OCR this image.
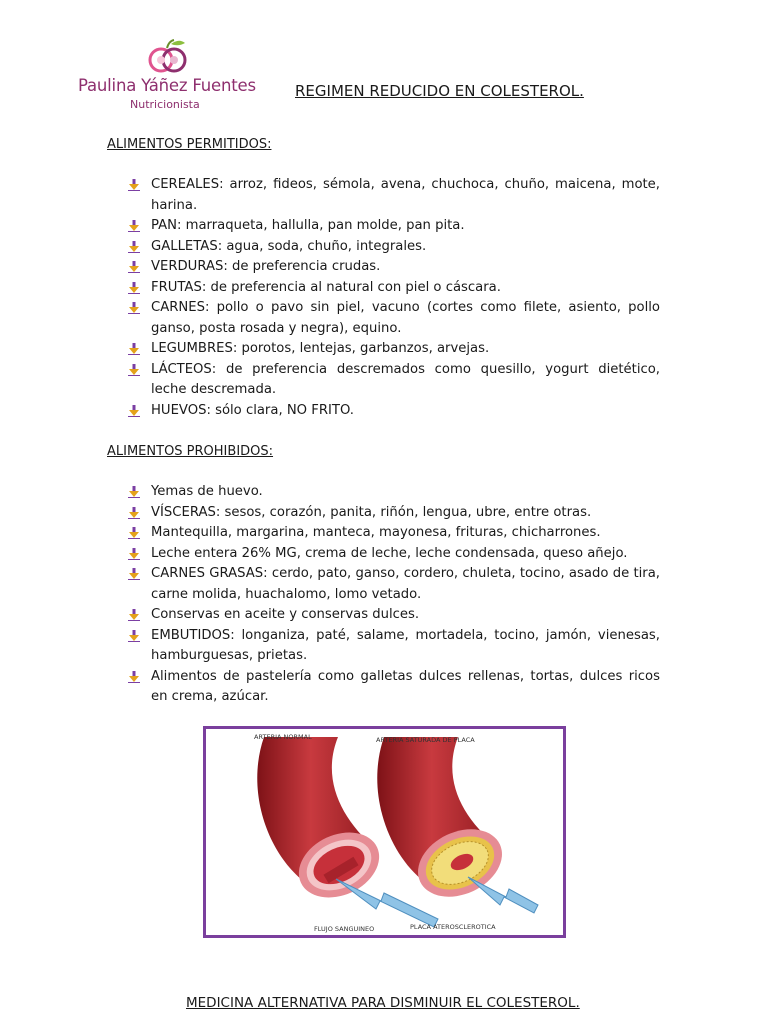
Paulina Yáñez Fuentes
Nutricionista
REGIMEN REDUCIDO EN COLESTEROL.
ALIMENTOS PERMITIDOS:
CEREALES: arroz, fideos, sémola, avena, chuchoca, chuño, maicena, mote, harina.
PAN: marraqueta, hallulla, pan molde, pan pita.
GALLETAS: agua, soda, chuño, integrales.
VERDURAS: de preferencia crudas.
FRUTAS: de preferencia al natural con piel o cáscara.
CARNES: pollo o pavo sin piel, vacuno (cortes como filete, asiento, pollo ganso, posta rosada y negra), equino.
LEGUMBRES: porotos, lentejas, garbanzos, arvejas.
LÁCTEOS: de preferencia descremados como quesillo, yogurt dietético, leche descremada.
HUEVOS: sólo clara, NO FRITO.
ALIMENTOS PROHIBIDOS:
Yemas de huevo.
VÍSCERAS: sesos, corazón, panita, riñón, lengua, ubre, entre otras.
Mantequilla, margarina, manteca, mayonesa, frituras, chicharrones.
Leche entera 26% MG, crema de leche, leche condensada, queso añejo.
CARNES GRASAS: cerdo, pato, ganso, cordero, chuleta, tocino, asado de tira, carne molida, huachalomo, lomo vetado.
Conservas en aceite y conservas dulces.
EMBUTIDOS: longaniza, paté, salame, mortadela, tocino, jamón, vienesas, hamburguesas, prietas.
Alimentos de pastelería como galletas dulces rellenas, tortas, dulces ricos en crema, azúcar.
ARTERIA NORMAL	ARTERIA SATURADA DE PLACA
FLUJO SANGUINEO	PLACA ATEROSCLEROTICA
MEDICINA ALTERNATIVA PARA DISMINUIR EL COLESTEROL.
